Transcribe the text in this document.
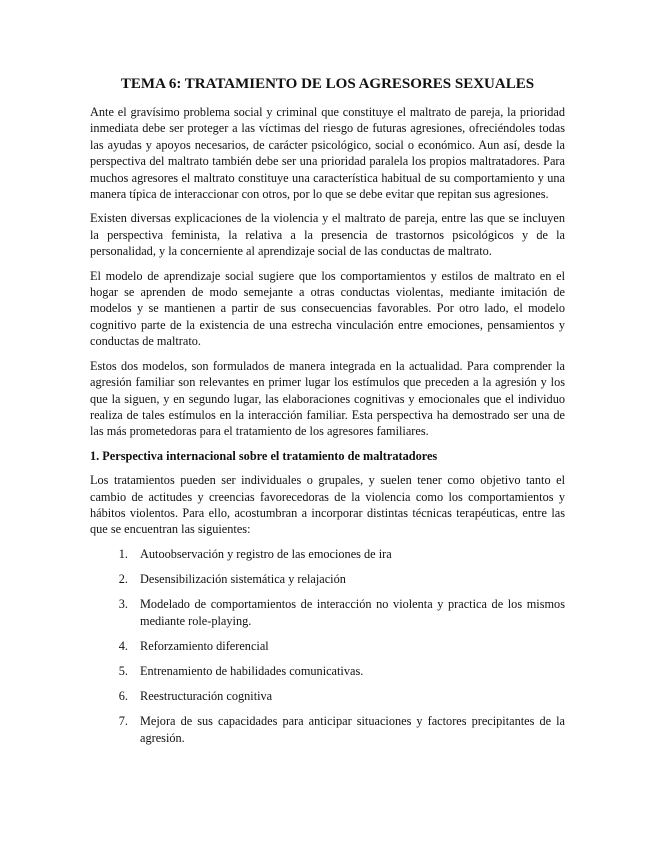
TEMA 6: TRATAMIENTO DE LOS AGRESORES SEXUALES

Ante el gravísimo problema social y criminal que constituye el maltrato de pareja, la prioridad inmediata debe ser proteger a las víctimas del riesgo de futuras agresiones, ofreciéndoles todas las ayudas y apoyos necesarios, de carácter psicológico, social o económico. Aun así, desde la perspectiva del maltrato también debe ser una prioridad paralela los propios maltratadores. Para muchos agresores el maltrato constituye una característica habitual de su comportamiento y una manera típica de interaccionar con otros, por lo que se debe evitar que repitan sus agresiones.

Existen diversas explicaciones de la violencia y el maltrato de pareja, entre las que se incluyen la perspectiva feminista, la relativa a la presencia de trastornos psicológicos y de la personalidad, y la concerniente al aprendizaje social de las conductas de maltrato.

El modelo de aprendizaje social sugiere que los comportamientos y estilos de maltrato en el hogar se aprenden de modo semejante a otras conductas violentas, mediante imitación de modelos y se mantienen a partir de sus consecuencias favorables. Por otro lado, el modelo cognitivo parte de la existencia de una estrecha vinculación entre emociones, pensamientos y conductas de maltrato.

Estos dos modelos, son formulados de manera integrada en la actualidad. Para comprender la agresión familiar son relevantes en primer lugar los estímulos que preceden a la agresión y los que la siguen, y en segundo lugar, las elaboraciones cognitivas y emocionales que el individuo realiza de tales estímulos en la interacción familiar. Esta perspectiva ha demostrado ser una de las más prometedoras para el tratamiento de los agresores familiares.

1. Perspectiva internacional sobre el tratamiento de maltratadores

Los tratamientos pueden ser individuales o grupales, y suelen tener como objetivo tanto el cambio de actitudes y creencias favorecedoras de la violencia como los comportamientos y hábitos violentos. Para ello, acostumbran a incorporar distintas técnicas terapéuticas, entre las que se encuentran las siguientes:

1. Autoobservación y registro de las emociones de ira
2. Desensibilización sistemática y relajación
3. Modelado de comportamientos de interacción no violenta y practica de los mismos mediante role-playing.
4. Reforzamiento diferencial
5. Entrenamiento de habilidades comunicativas.
6. Reestructuración cognitiva
7. Mejora de sus capacidades para anticipar situaciones y factores precipitantes de la agresión.
